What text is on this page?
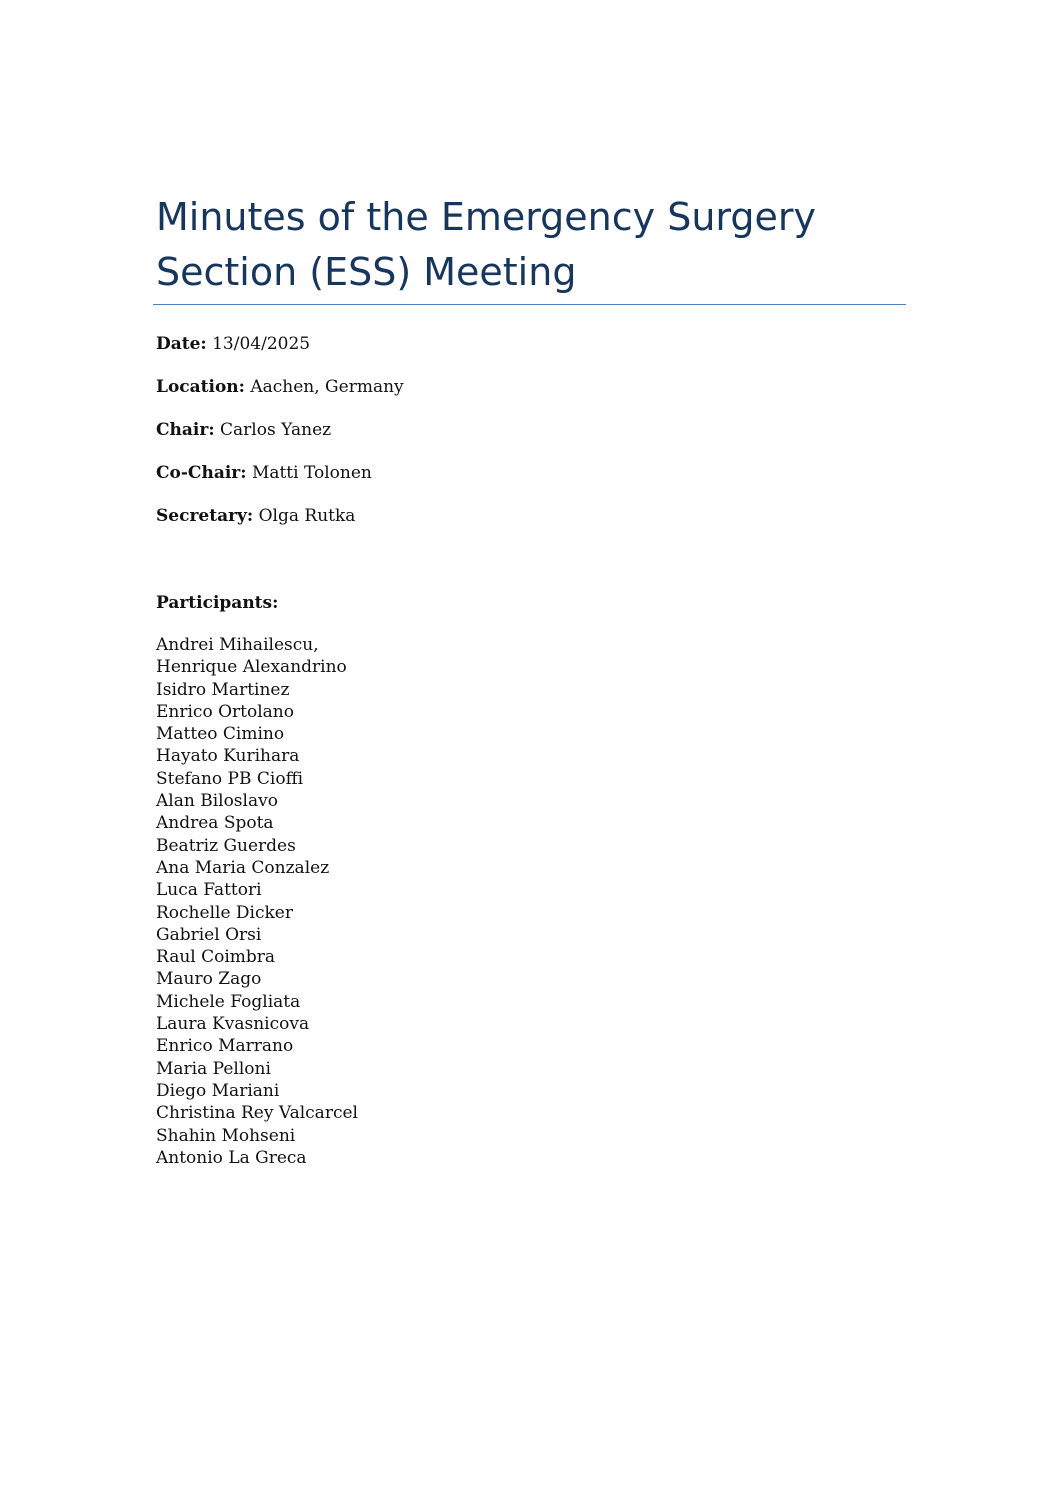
Minutes of the Emergency Surgery
Section (ESS) Meeting
Date: 13/04/2025
Location: Aachen, Germany
Chair: Carlos Yanez
Co-Chair: Matti Tolonen
Secretary: Olga Rutka
Participants:
Andrei Mihailescu,
Henrique Alexandrino
Isidro Martinez
Enrico Ortolano
Matteo Cimino
Hayato Kurihara
Stefano PB Cioffi
Alan Biloslavo
Andrea Spota
Beatriz Guerdes
Ana Maria Conzalez
Luca Fattori
Rochelle Dicker
Gabriel Orsi
Raul Coimbra
Mauro Zago
Michele Fogliata
Laura Kvasnicova
Enrico Marrano
Maria Pelloni
Diego Mariani
Christina Rey Valcarcel
Shahin Mohseni
Antonio La Greca
